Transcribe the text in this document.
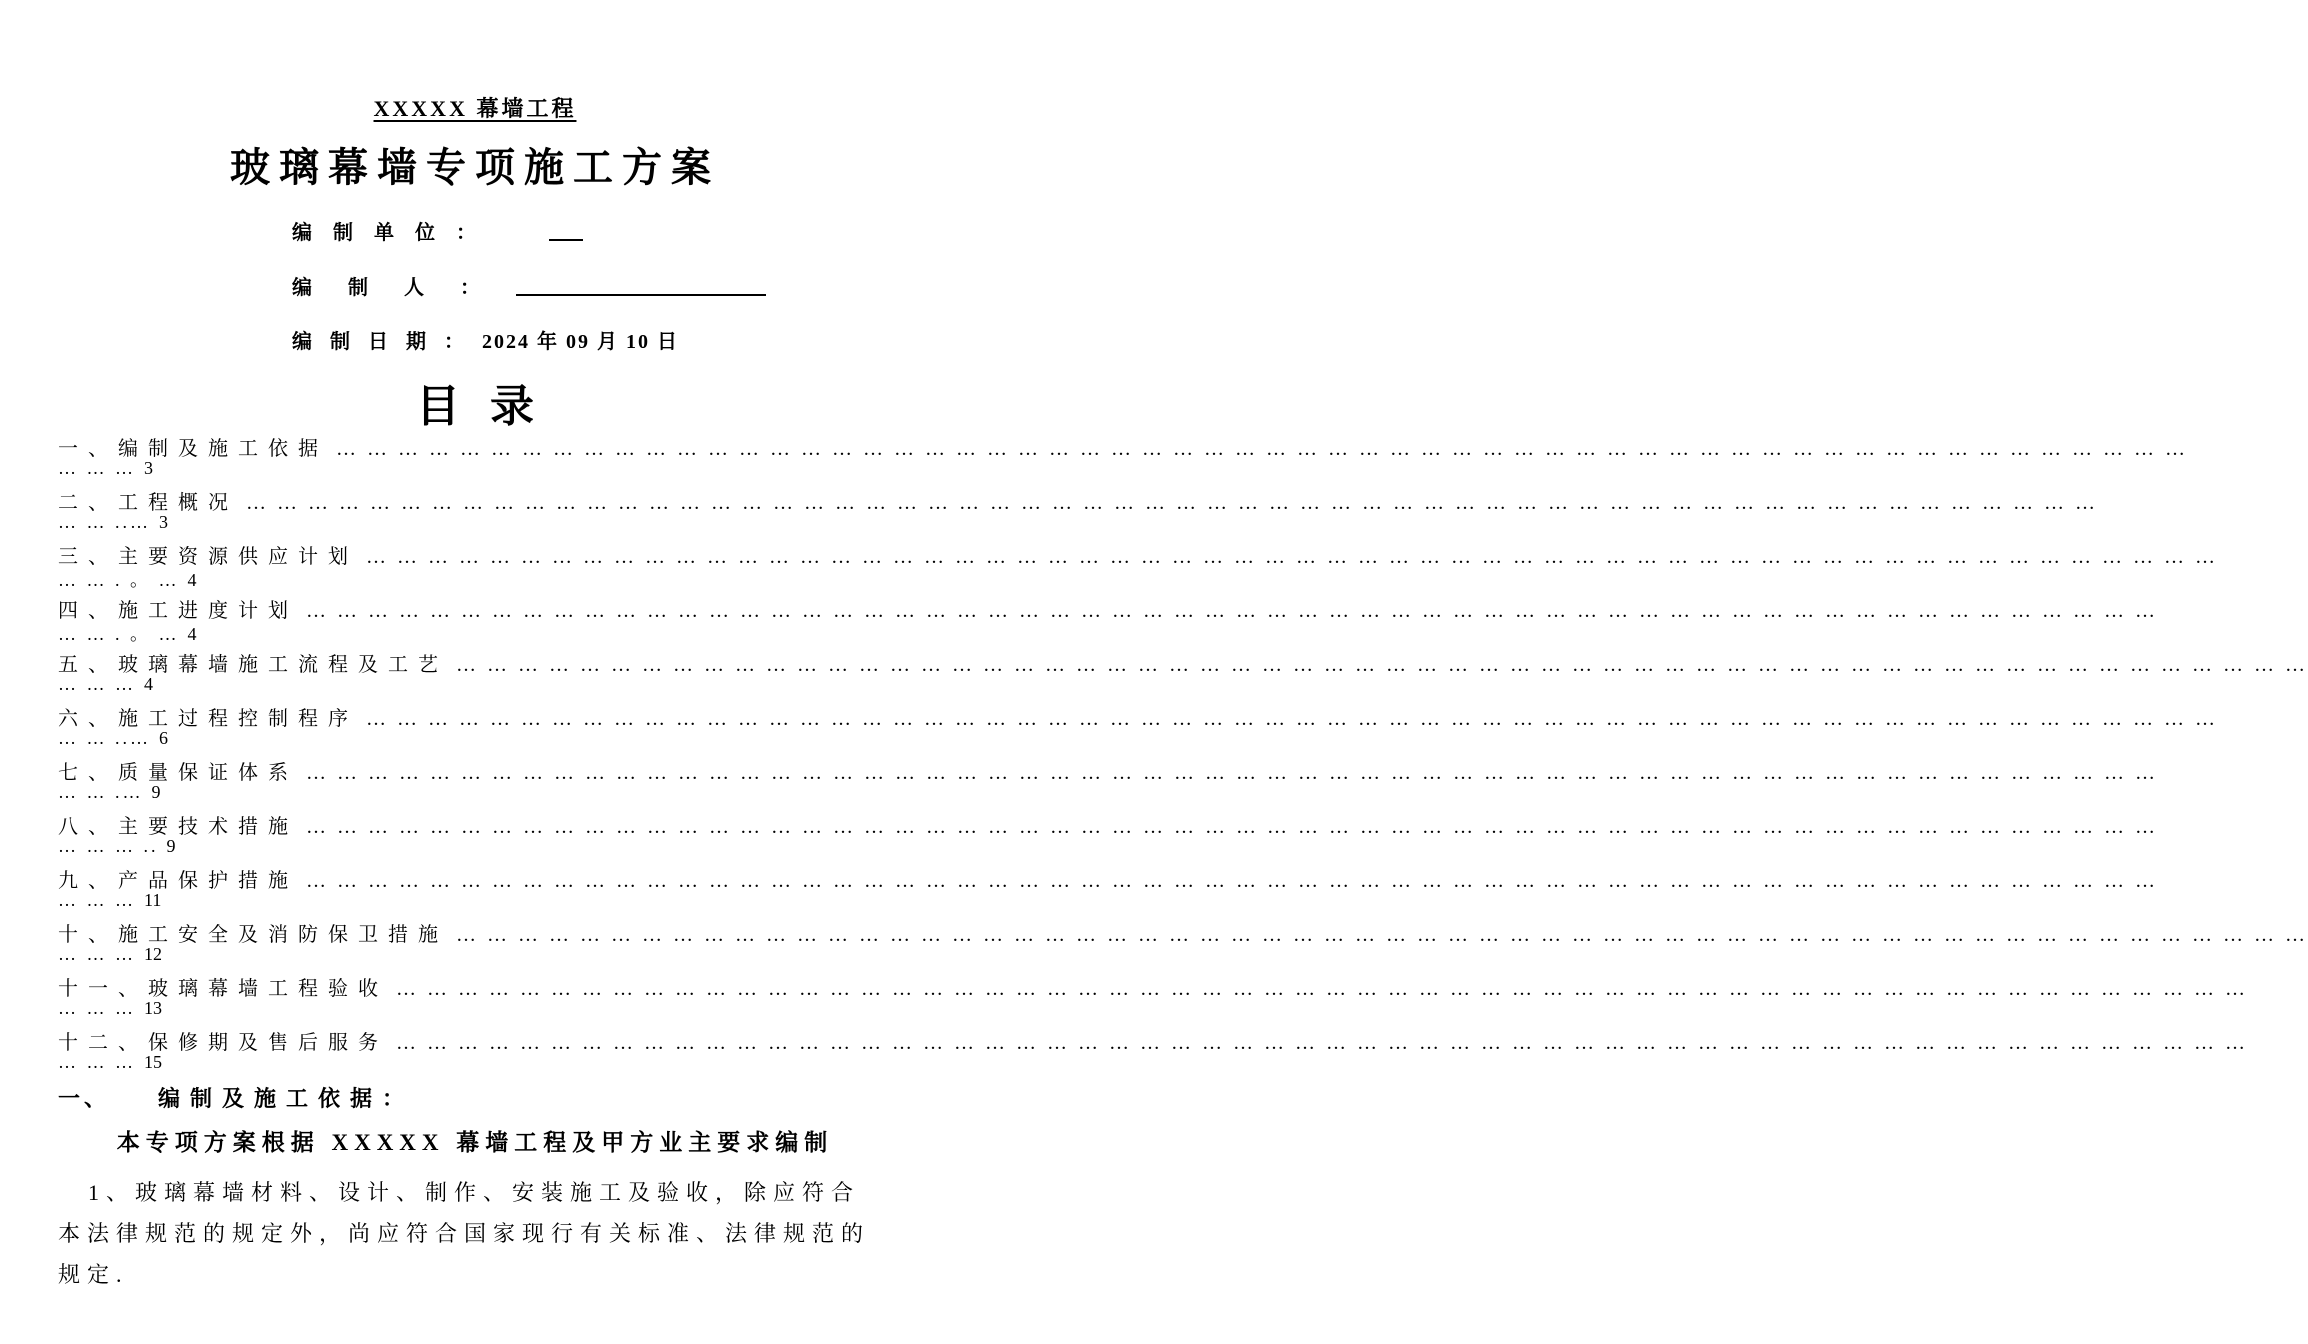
XXXXX 幕墙工程
玻璃幕墙专项施工方案
编制单位：
编制人：
编制日期：2024 年 09 月 10 日
目录
一、编制及施工依据 … … … … … … … … … … … … … … … … … … … … … … … … … … … … … … … … … … … … … … … … … … … … … … … … … … … … … … … … … … … …
… … … 3
二、工程概况 … … … … … … … … … … … … … … … … … … … … … … … … … … … … … … … … … … … … … … … … … … … … … … … … … … … … … … … … … … … …
… … ..… 3
三、主要资源供应计划 … … … … … … … … … … … … … … … … … … … … … … … … … … … … … … … … … … … … … … … … … … … … … … … … … … … … … … … … … … … …
… … . 。 … 4
四、施工进度计划 … … … … … … … … … … … … … … … … … … … … … … … … … … … … … … … … … … … … … … … … … … … … … … … … … … … … … … … … … … … …
… … . 。 … 4
五、玻璃幕墙施工流程及工艺 … … … … … … … … … … … … … … … … … … … … … … … … … … … … … … … … … … … … … … … … … … … … … … … … … … … … … … … … … … … …
… … … 4
六、施工过程控制程序 … … … … … … … … … … … … … … … … … … … … … … … … … … … … … … … … … … … … … … … … … … … … … … … … … … … … … … … … … … … …
… … ..… 6
七、质量保证体系 … … … … … … … … … … … … … … … … … … … … … … … … … … … … … … … … … … … … … … … … … … … … … … … … … … … … … … … … … … … …
… … .… 9
八、主要技术措施 … … … … … … … … … … … … … … … … … … … … … … … … … … … … … … … … … … … … … … … … … … … … … … … … … … … … … … … … … … … …
… … … .. 9
九、产品保护措施 … … … … … … … … … … … … … … … … … … … … … … … … … … … … … … … … … … … … … … … … … … … … … … … … … … … … … … … … … … … …
… … … 11
十、施工安全及消防保卫措施 … … … … … … … … … … … … … … … … … … … … … … … … … … … … … … … … … … … … … … … … … … … … … … … … … … … … … … … … … … … …
… … … 12
十一、玻璃幕墙工程验收 … … … … … … … … … … … … … … … … … … … … … … … … … … … … … … … … … … … … … … … … … … … … … … … … … … … … … … … … … … … …
… … … 13
十二、保修期及售后服务 … … … … … … … … … … … … … … … … … … … … … … … … … … … … … … … … … … … … … … … … … … … … … … … … … … … … … … … … … … … …
… … … 15
一、 编制及施工依据：
本专项方案根据 XXXXX 幕墙工程及甲方业主要求编制
1、玻璃幕墙材料、设计、制作、安装施工及验收，除应符合本法律规范的规定外，尚应符合国家现行有关标准、法律规范的规定.
